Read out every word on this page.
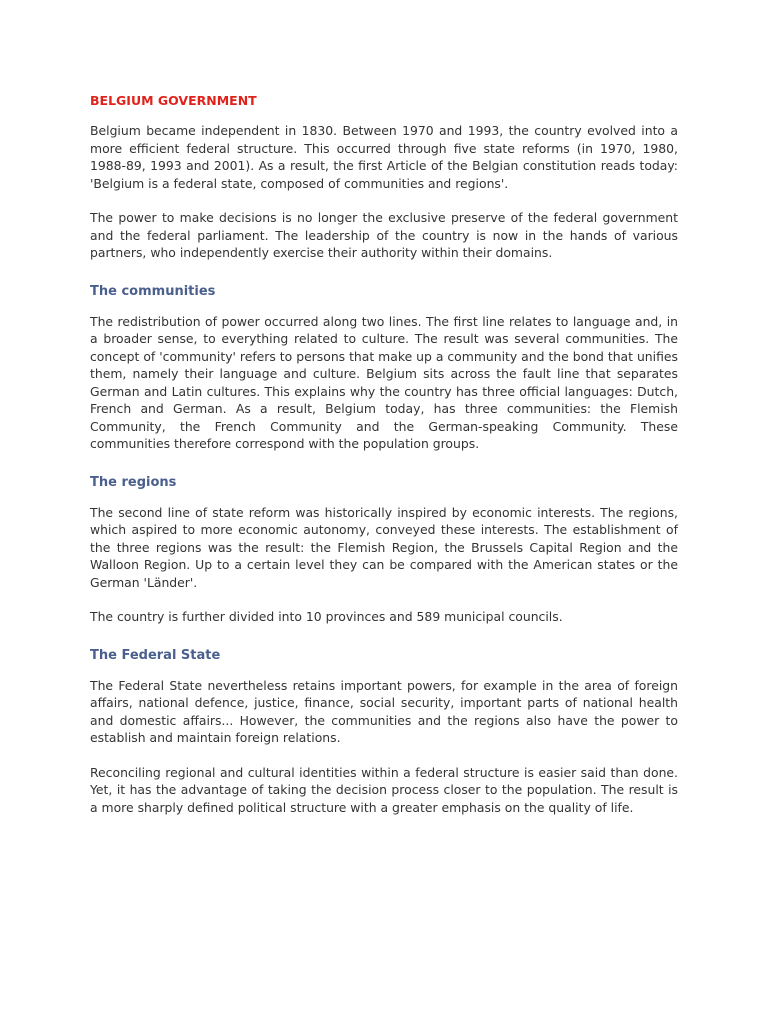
BELGIUM GOVERNMENT

Belgium became independent in 1830. Between 1970 and 1993, the country evolved into a more efficient federal structure. This occurred through five state reforms (in 1970, 1980, 1988-89, 1993 and 2001). As a result, the first Article of the Belgian constitution reads today: 'Belgium is a federal state, composed of communities and regions'.

The power to make decisions is no longer the exclusive preserve of the federal government and the federal parliament. The leadership of the country is now in the hands of various partners, who independently exercise their authority within their domains.

The communities

The redistribution of power occurred along two lines. The first line relates to language and, in a broader sense, to everything related to culture. The result was several communities. The concept of 'community' refers to persons that make up a community and the bond that unifies them, namely their language and culture. Belgium sits across the fault line that separates German and Latin cultures. This explains why the country has three official languages: Dutch, French and German. As a result, Belgium today, has three communities: the Flemish Community, the French Community and the German-speaking Community. These communities therefore correspond with the population groups.

The regions

The second line of state reform was historically inspired by economic interests. The regions, which aspired to more economic autonomy, conveyed these interests. The establishment of the three regions was the result: the Flemish Region, the Brussels Capital Region and the Walloon Region. Up to a certain level they can be compared with the American states or the German 'Länder'.

The country is further divided into 10 provinces and 589 municipal councils.

The Federal State

The Federal State nevertheless retains important powers, for example in the area of foreign affairs, national defence, justice, finance, social security, important parts of national health and domestic affairs... However, the communities and the regions also have the power to establish and maintain foreign relations.

Reconciling regional and cultural identities within a federal structure is easier said than done. Yet, it has the advantage of taking the decision process closer to the population. The result is a more sharply defined political structure with a greater emphasis on the quality of life.
